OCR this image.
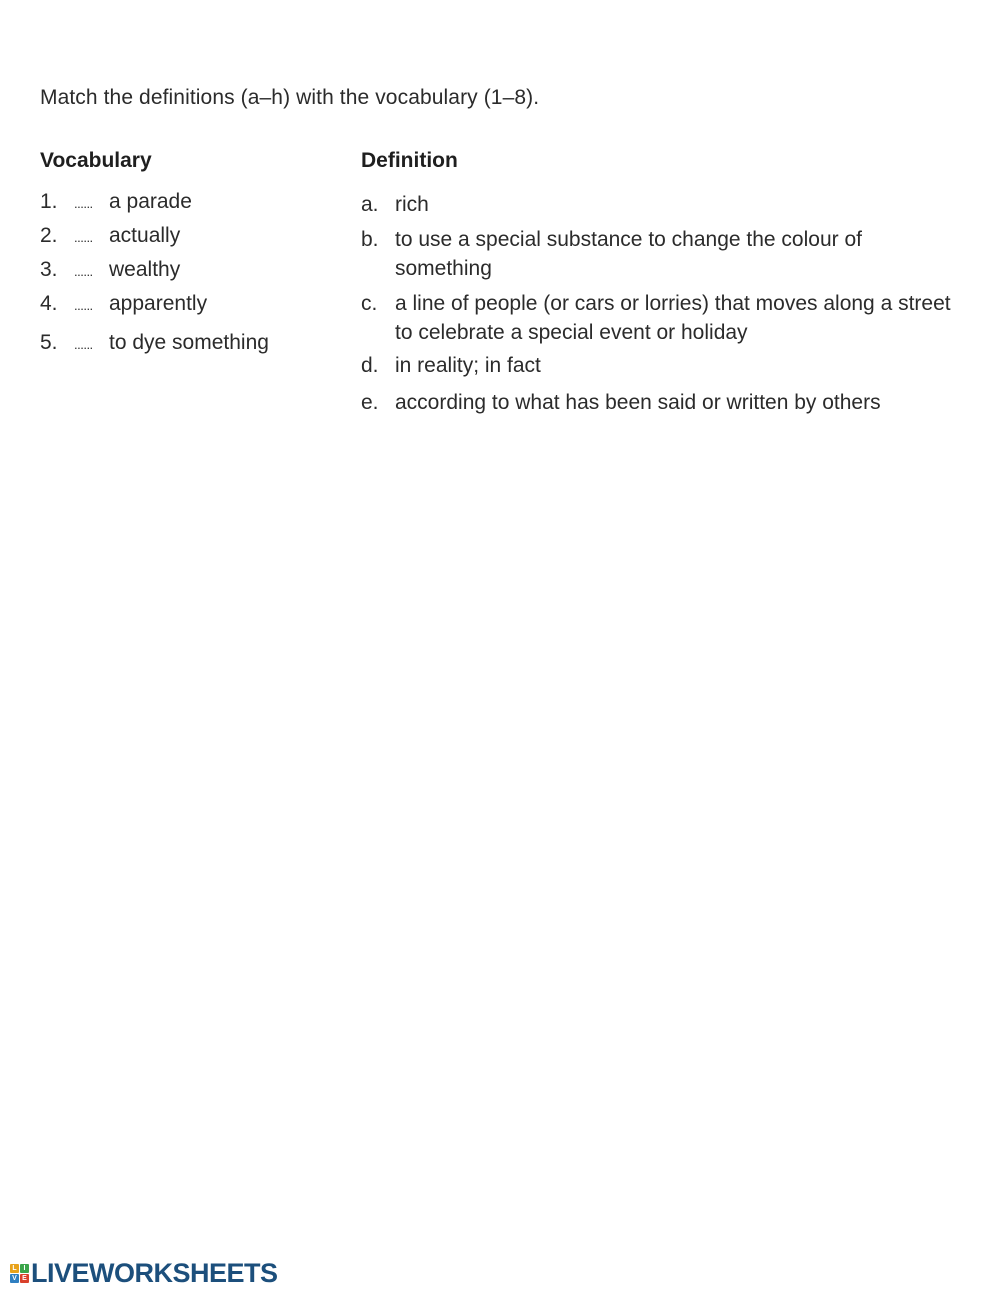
Match the definitions (a–h) with the vocabulary (1–8).
Vocabulary	Definition
1. ...... a parade
2. ...... actually
3. ...... wealthy
4. ...... apparently
5. ...... to dye something
a. rich
b. to use a special substance to change the colour of something
c. a line of people (or cars or lorries) that moves along a street to celebrate a special event or holiday
d. in reality; in fact
e. according to what has been said or written by others
L I
V E LIVEWORKSHEETS
